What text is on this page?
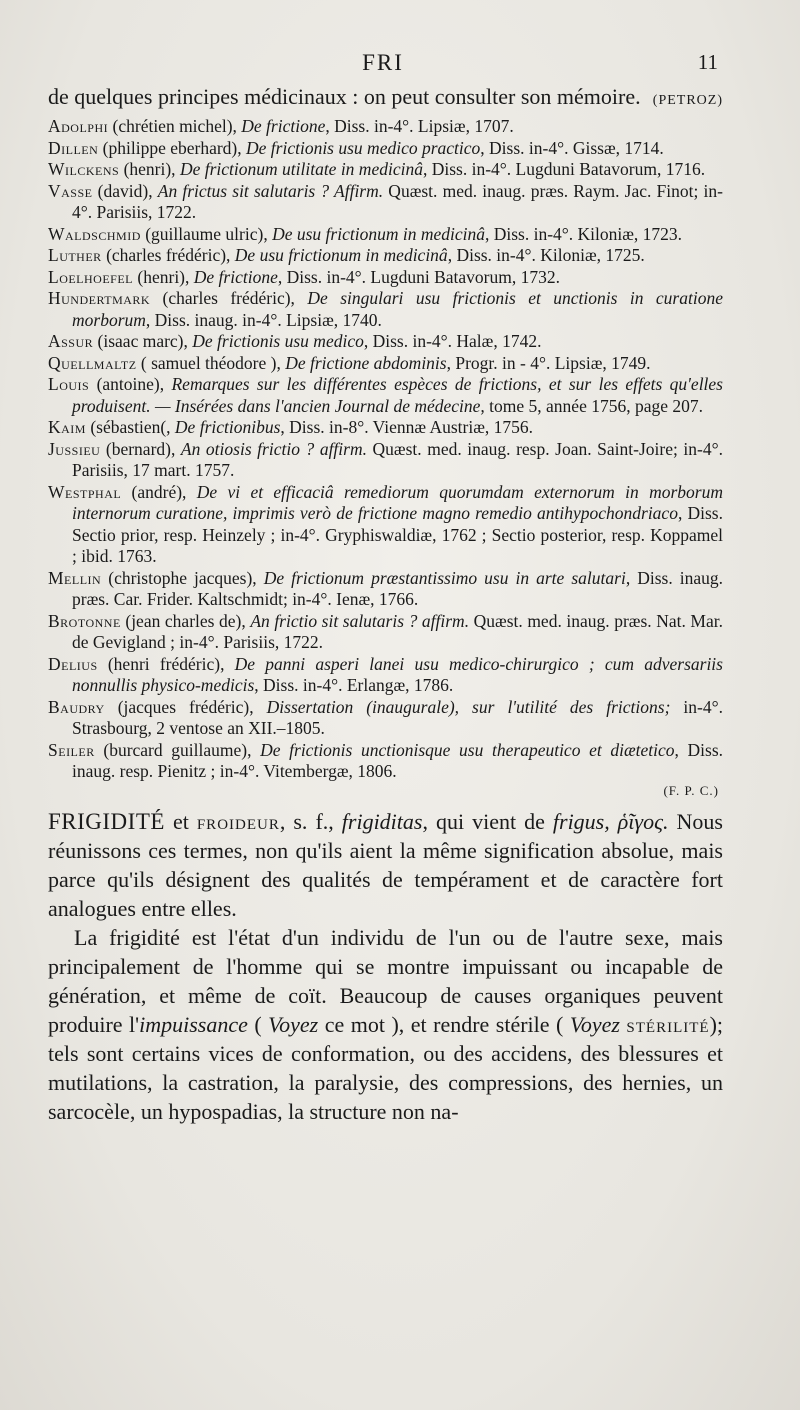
FRI	11
de quelques principes médicinaux : on peut consulter son mémoire. (PETROZ)
Adolphi (chrétien michel), De frictione, Diss. in-4°. Lipsiæ, 1707.
Dillen (philippe eberhard), De frictionis usu medico practico, Diss. in-4°. Gissæ, 1714.
Wilckens (henri), De frictionum utilitate in medicinâ, Diss. in-4°. Lugduni Batavorum, 1716.
Vasse (david), An frictus sit salutaris ? Affirm. Quæst. med. inaug. præs. Raym. Jac. Finot; in-4°. Parisiis, 1722.
Waldschmid (guillaume ulric), De usu frictionum in medicinâ, Diss. in-4°. Kiloniæ, 1723.
Luther (charles frédéric), De usu frictionum in medicinâ, Diss. in-4°. Kiloniæ, 1725.
Loelhoefel (henri), De frictione, Diss. in-4°. Lugduni Batavorum, 1732.
Hundertmark (charles frédéric), De singulari usu frictionis et unctionis in curatione morborum, Diss. inaug. in-4°. Lipsiæ, 1740.
Assur (isaac marc), De frictionis usu medico, Diss. in-4°. Halæ, 1742.
Quellmaltz ( samuel théodore ), De frictione abdominis, Progr. in - 4°. Lipsiæ, 1749.
Louis (antoine), Remarques sur les différentes espèces de frictions, et sur les effets qu'elles produisent. — Insérées dans l'ancien Journal de médecine, tome 5, année 1756, page 207.
Kaim (sébastien(, De frictionibus, Diss. in-8°. Viennæ Austriæ, 1756.
Jussieu (bernard), An otiosis frictio ? affirm. Quæst. med. inaug. resp. Joan. Saint-Joire; in-4°. Parisiis, 17 mart. 1757.
Westphal (andré), De vi et efficaciâ remediorum quorumdam externorum in morborum internorum curatione, imprimis verò de frictione magno remedio antihypochondriaco, Diss. Sectio prior, resp. Heinzely ; in-4°. Gryphiswaldiæ, 1762 ; Sectio posterior, resp. Koppamel ; ibid. 1763.
Mellin (christophe jacques), De frictionum præstantissimo usu in arte salutari, Diss. inaug. præs. Car. Frider. Kaltschmidt; in-4°. Ienæ, 1766.
Brotonne (jean charles de), An frictio sit salutaris ? affirm. Quæst. med. inaug. præs. Nat. Mar. de Gevigland ; in-4°. Parisiis, 1722.
Delius (henri frédéric), De panni asperi lanei usu medico-chirurgico ; cum adversariis nonnullis physico-medicis, Diss. in-4°. Erlangæ, 1786.
Baudry (jacques frédéric), Dissertation (inaugurale), sur l'utilité des frictions; in-4°. Strasbourg, 2 ventose an XII.–1805.
Seiler (burcard guillaume), De frictionis unctionisque usu therapeutico et diætetico, Diss. inaug. resp. Pienitz ; in-4°. Vitembergæ, 1806.
(F. P. C.)

FRIGIDITÉ et froideur, s. f., frigiditas, qui vient de frigus, ῥῖγος. Nous réunissons ces termes, non qu'ils aient la même signification absolue, mais parce qu'ils désignent des qualités de tempérament et de caractère fort analogues entre elles.

La frigidité est l'état d'un individu de l'un ou de l'autre sexe, mais principalement de l'homme qui se montre impuissant ou incapable de génération, et même de coït. Beaucoup de causes organiques peuvent produire l'impuissance ( Voyez ce mot ), et rendre stérile ( Voyez stérilité); tels sont certains vices de conformation, ou des accidens, des blessures et mutilations, la castration, la paralysie, des compressions, des hernies, un sarcocèle, un hypospadias, la structure non na-
